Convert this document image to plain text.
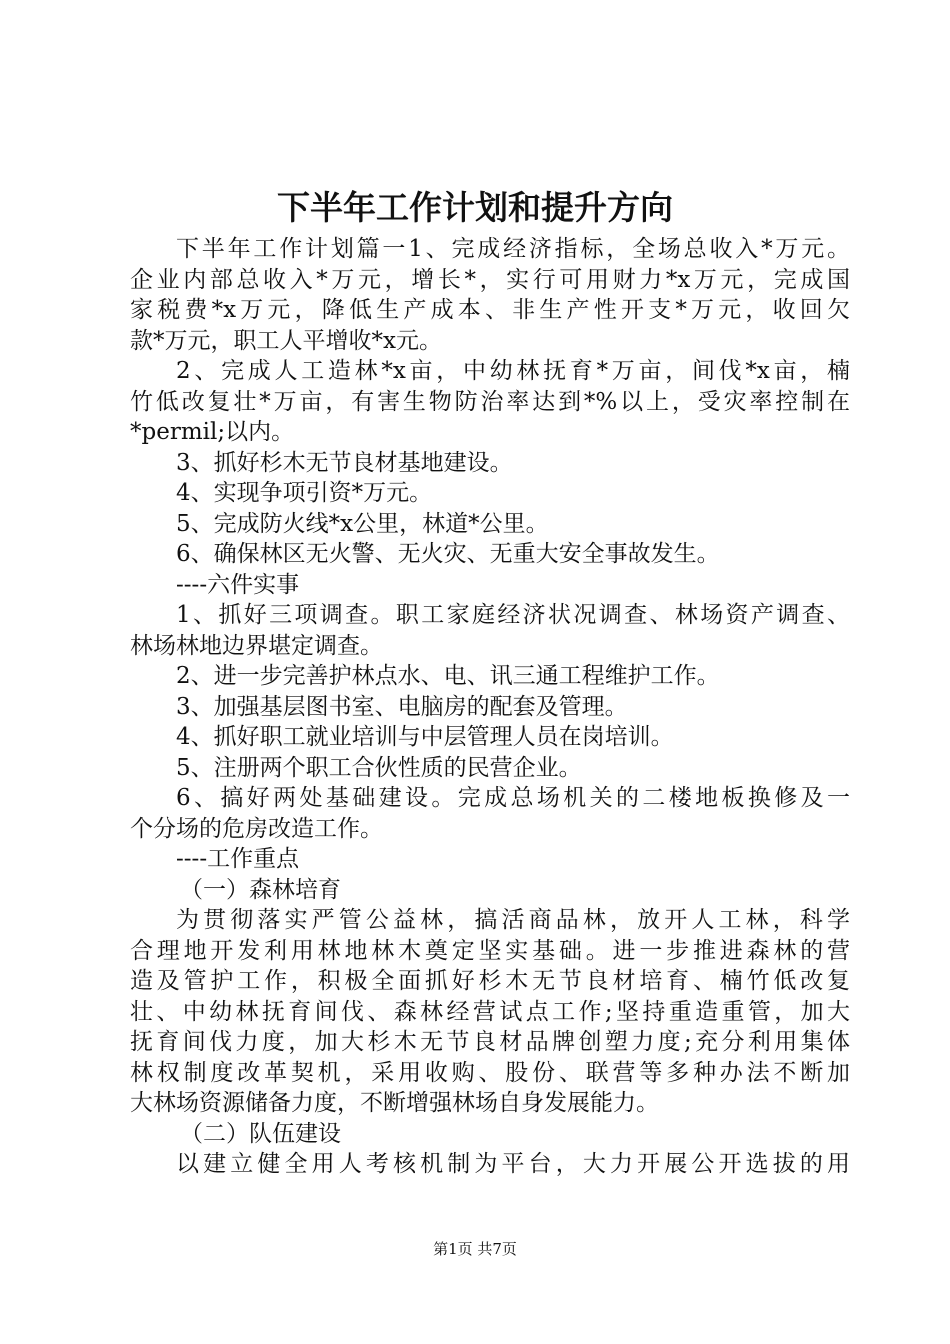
下半年工作计划和提升方向
下半年工作计划篇一1、完成经济指标，全场总收入*万元。
企业内部总收入*万元，增长*，实行可用财力*x万元，完成国
家税费*x万元，降低生产成本、非生产性开支*万元，收回欠
款*万元，职工人平增收*x元。
2、完成人工造林*x亩，中幼林抚育*万亩，间伐*x亩，楠
竹低改复壮*万亩，有害生物防治率达到*%以上，受灾率控制在
*permil;以内。
3、抓好杉木无节良材基地建设。
4、实现争项引资*万元。
5、完成防火线*x公里，林道*公里。
6、确保林区无火警、无火灾、无重大安全事故发生。
----六件实事
1、抓好三项调查。职工家庭经济状况调查、林场资产调查、
林场林地边界堪定调查。
2、进一步完善护林点水、电、讯三通工程维护工作。
3、加强基层图书室、电脑房的配套及管理。
4、抓好职工就业培训与中层管理人员在岗培训。
5、注册两个职工合伙性质的民营企业。
6、搞好两处基础建设。完成总场机关的二楼地板换修及一
个分场的危房改造工作。
----工作重点
（一）森林培育
为贯彻落实严管公益林，搞活商品林，放开人工林，科学
合理地开发利用林地林木奠定坚实基础。进一步推进森林的营
造及管护工作，积极全面抓好杉木无节良材培育、楠竹低改复
壮、中幼林抚育间伐、森林经营试点工作;坚持重造重管，加大
抚育间伐力度，加大杉木无节良材品牌创塑力度;充分利用集体
林权制度改革契机，采用收购、股份、联营等多种办法不断加
大林场资源储备力度，不断增强林场自身发展能力。
（二）队伍建设
以建立健全用人考核机制为平台，大力开展公开选拔的用
第1页 共7页
